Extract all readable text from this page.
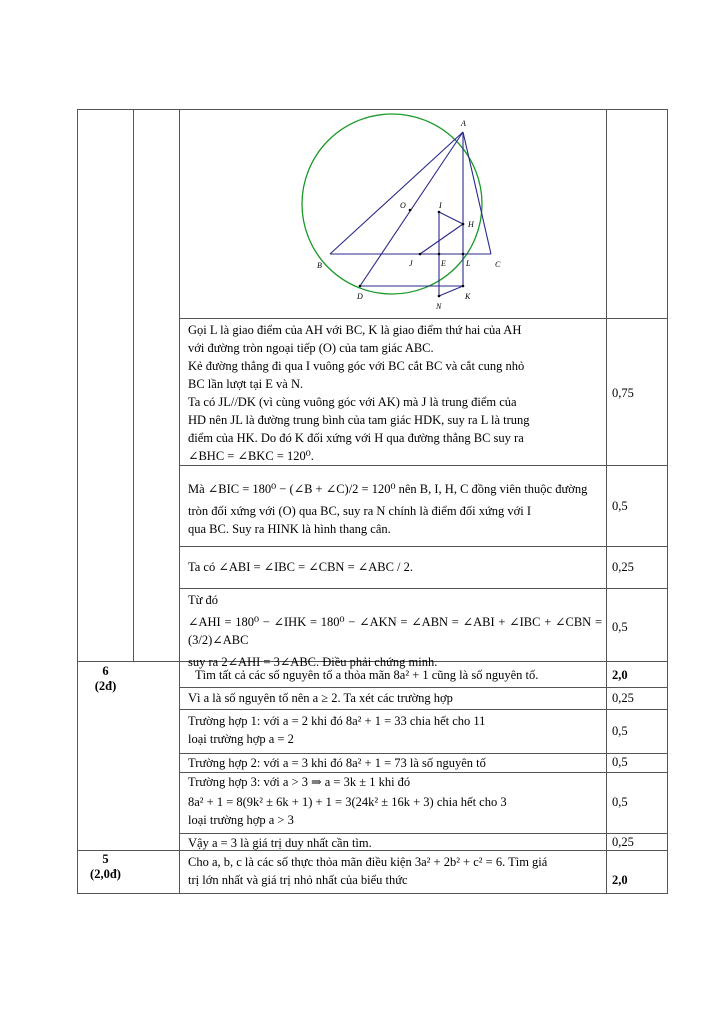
A
O	I
H
B	J	E	L	C
D	K
N
Gọi L là giao điểm của AH với BC, K là giao điểm thứ hai của AH
với đường tròn ngoại tiếp (O) của tam giác ABC.
Kẻ đường thẳng đi qua I vuông góc với BC cắt BC và cắt cung nhỏ
BC lần lượt tại E và N.
Ta có JL//DK (vì cùng vuông góc với AK) mà J là trung điểm của
HD nên JL là đường trung bình của tam giác HDK, suy ra L là trung
điểm của HK. Do đó K đối xứng với H qua đường thẳng BC suy ra
∠BHC = ∠BKC = 120⁰.
0,75
Mà ∠BIC = 180⁰ − (∠B + ∠C)/2 = 120⁰ nên B, I, H, C đồng viên thuộc đường
tròn đối xứng với (O) qua BC, suy ra N chính là điểm đối xứng với I
qua BC. Suy ra HINK là hình thang cân.
0,5
Ta có ∠ABI = ∠IBC = ∠CBN = ∠ABC / 2.	0,25
Từ đó
∠AHI = 180⁰ − ∠IHK = 180⁰ − ∠AKN = ∠ABN = ∠ABI + ∠IBC + ∠CBN = (3/2)∠ABC
suy ra 2∠AHI = 3∠ABC. Điều phải chứng minh.
0,5
6
(2đ)
Tìm tất cả các số nguyên tố a thỏa mãn 8a² + 1 cũng là số nguyên tố.	2,0
Vì a là số nguyên tố nên a ≥ 2. Ta xét các trường hợp	0,25
Trường hợp 1: với a = 2 khi đó 8a² + 1 = 33 chia hết cho 11
loại trường hợp a = 2
0,5
Trường hợp 2: với a = 3 khi đó 8a² + 1 = 73 là số nguyên tố	0,5
Trường hợp 3: với a > 3 ⇒ a = 3k ± 1 khi đó
8a² + 1 = 8(9k² ± 6k + 1) + 1 = 3(24k² ± 16k + 3) chia hết cho 3
loại trường hợp a > 3
0,5
Vậy a = 3 là giá trị duy nhất cần tìm.	0,25
5
(2,0đ)
Cho a, b, c là các số thực thỏa mãn điều kiện 3a² + 2b² + c² = 6. Tìm giá
trị lớn nhất và giá trị nhỏ nhất của biểu thức	2,0
